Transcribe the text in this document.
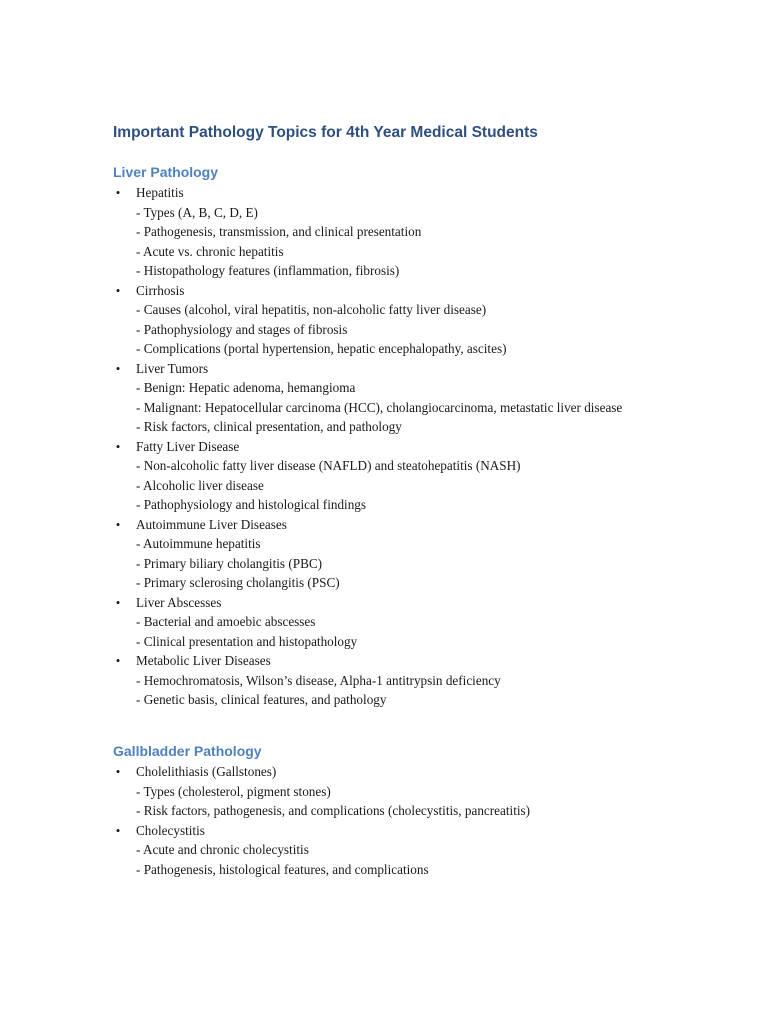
Important Pathology Topics for 4th Year Medical Students
Liver Pathology
• Hepatitis
- Types (A, B, C, D, E)
- Pathogenesis, transmission, and clinical presentation
- Acute vs. chronic hepatitis
- Histopathology features (inflammation, fibrosis)
• Cirrhosis
- Causes (alcohol, viral hepatitis, non-alcoholic fatty liver disease)
- Pathophysiology and stages of fibrosis
- Complications (portal hypertension, hepatic encephalopathy, ascites)
• Liver Tumors
- Benign: Hepatic adenoma, hemangioma
- Malignant: Hepatocellular carcinoma (HCC), cholangiocarcinoma, metastatic liver disease
- Risk factors, clinical presentation, and pathology
• Fatty Liver Disease
- Non-alcoholic fatty liver disease (NAFLD) and steatohepatitis (NASH)
- Alcoholic liver disease
- Pathophysiology and histological findings
• Autoimmune Liver Diseases
- Autoimmune hepatitis
- Primary biliary cholangitis (PBC)
- Primary sclerosing cholangitis (PSC)
• Liver Abscesses
- Bacterial and amoebic abscesses
- Clinical presentation and histopathology
• Metabolic Liver Diseases
- Hemochromatosis, Wilson’s disease, Alpha-1 antitrypsin deficiency
- Genetic basis, clinical features, and pathology
Gallbladder Pathology
• Cholelithiasis (Gallstones)
- Types (cholesterol, pigment stones)
- Risk factors, pathogenesis, and complications (cholecystitis, pancreatitis)
• Cholecystitis
- Acute and chronic cholecystitis
- Pathogenesis, histological features, and complications
